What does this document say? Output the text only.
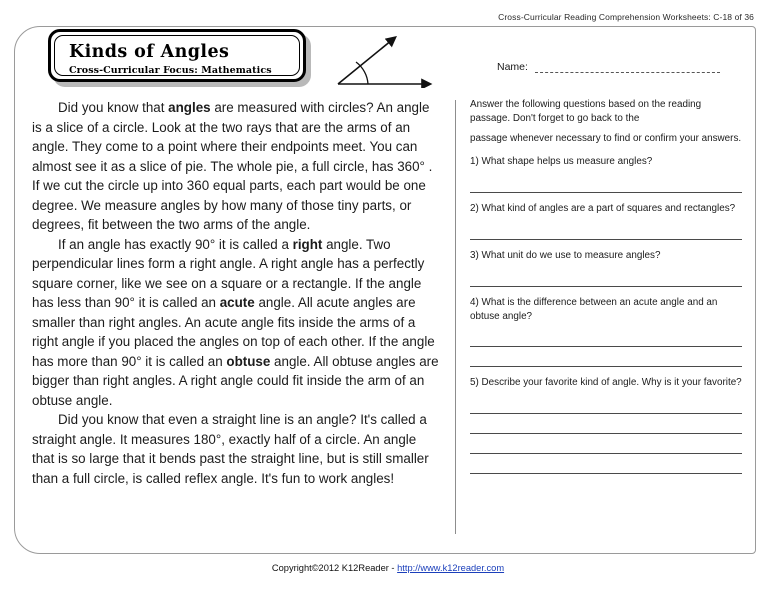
Cross-Curricular Reading Comprehension Worksheets: C-18 of 36
Kinds of Angles
Cross-Curricular Focus: Mathematics	Name:

Did you know that angles are measured with circles? An angle is a slice of a circle. Look at the two rays that are the arms of an angle. They come to a point where their endpoints meet. You can almost see it as a slice of pie. The whole pie, a full circle, has 360° . If we cut the circle up into 360 equal parts, each part would be one degree. We measure angles by how many of those tiny parts, or degrees, fit between the two arms of the angle.

If an angle has exactly 90° it is called a right angle. Two perpendicular lines form a right angle. A right angle has a perfectly square corner, like we see on a square or a rectangle. If the angle has less than 90° it is called an acute angle. All acute angles are smaller than right angles. An acute angle fits inside the arms of a right angle if you placed the angles on top of each other. If the angle has more than 90° it is called an obtuse angle. All obtuse angles are bigger than right angles. A right angle could fit inside the arm of an obtuse angle.

Did you know that even a straight line is an angle? It's called a straight angle. It measures 180°, exactly half of a circle. An angle that is so large that it bends past the straight line, but is still smaller than a full circle, is called reflex angle. It's fun to work angles!

Answer the following questions based on the reading passage. Don't forget to go back to the
passage whenever necessary to find or confirm your answers.

1) What shape helps us measure angles?

2) What kind of angles are a part of squares and rectangles?

3) What unit do we use to measure angles?

4) What is the difference between an acute angle and an obtuse angle?

5) Describe your favorite kind of angle. Why is it your favorite?

Copyright©2012 K12Reader - http://www.k12reader.com
